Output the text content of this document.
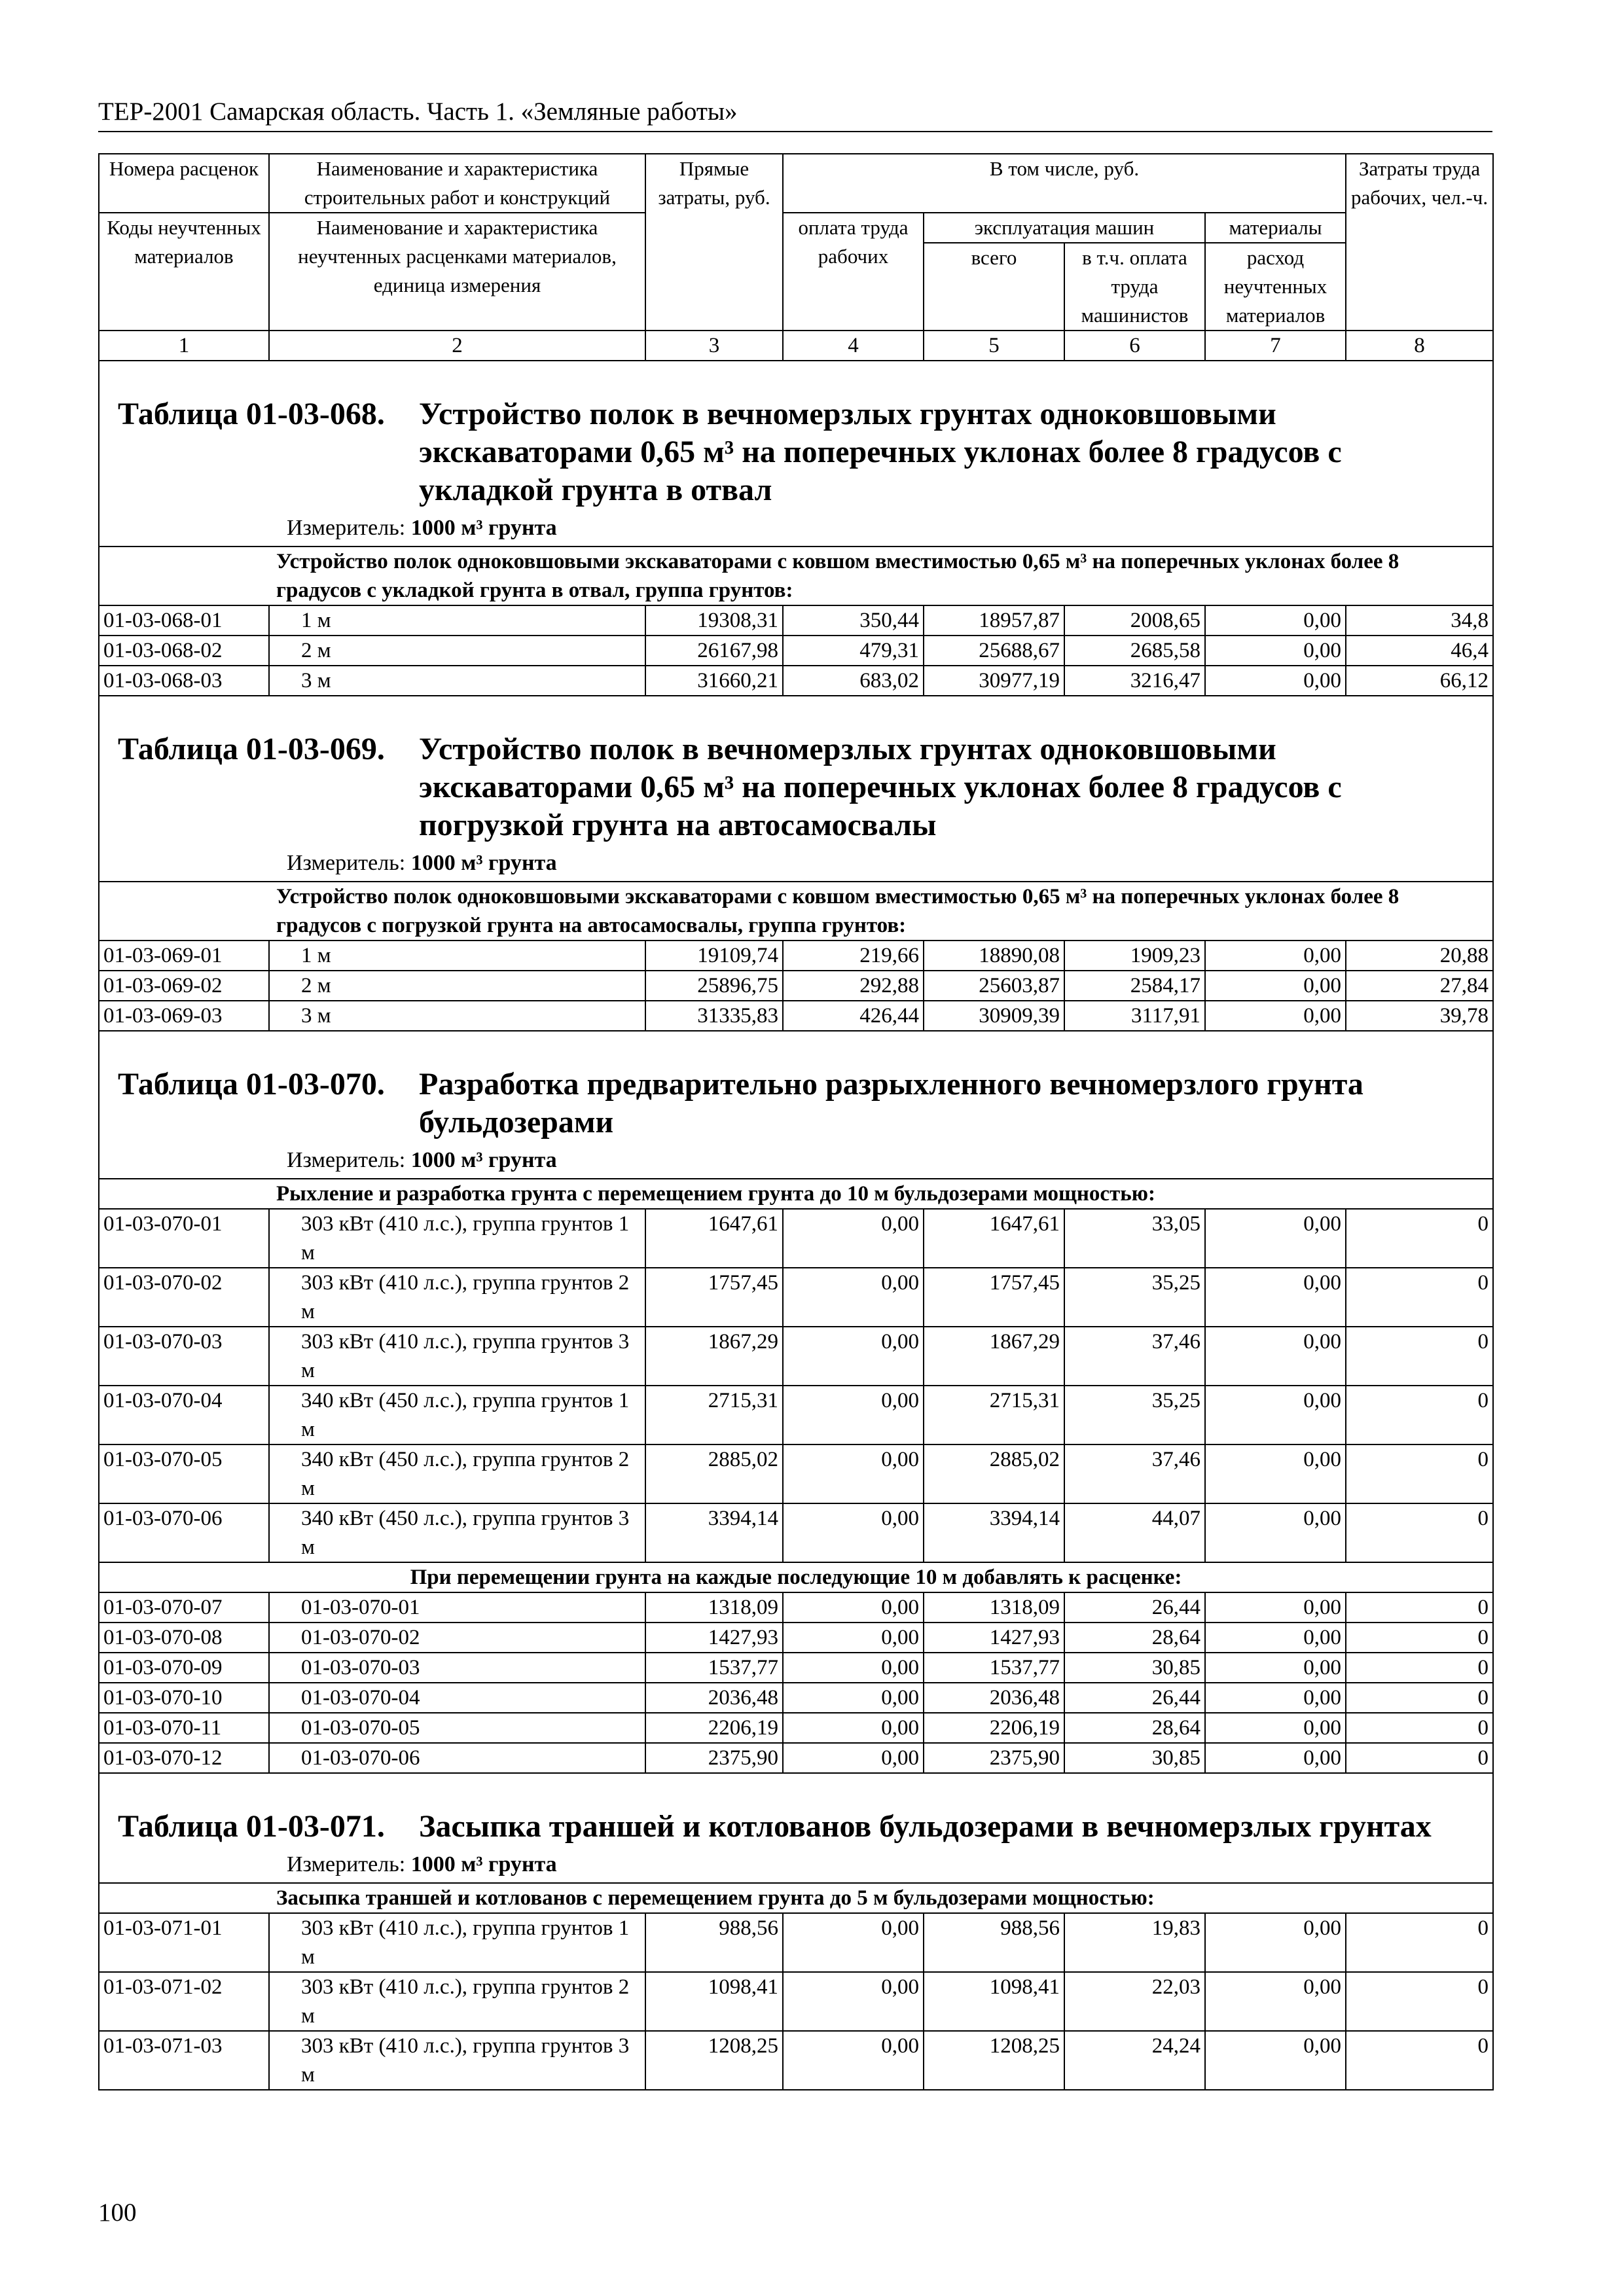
ТЕР-2001 Самарская область. Часть 1. «Земляные работы»
Номера расценок	Наименование и характеристика строительных работ и конструкций	Прямые затраты, руб.	В том числе, руб.				Затраты труда рабочих, чел.-ч.
Коды неучтенных материалов	Наименование и характеристика неучтенных расценками материалов, единица измерения		оплата труда рабочих	эксплуатация машин		материалы	
				всего	в т.ч. оплата труда машинистов	расход неучтенных материалов	
1	2	3	4	5	6	7	8

Таблица 01-03-068. Устройство полок в вечномерзлых грунтах одноковшовыми экскаваторами 0,65 м³ на поперечных уклонах более 8 градусов с укладкой грунта в отвал
Измеритель: 1000 м³ грунта							

Устройство полок одноковшовыми экскаваторами с ковшом вместимостью 0,65 м³ на поперечных уклонах более 8 градусов с укладкой грунта в отвал, группа грунтов:							
01-03-068-01	1 м	19308,31	350,44	18957,87	2008,65	0,00	34,8
01-03-068-02	2 м	26167,98	479,31	25688,67	2685,58	0,00	46,4
01-03-068-03	3 м	31660,21	683,02	30977,19	3216,47	0,00	66,12

Таблица 01-03-069. Устройство полок в вечномерзлых грунтах одноковшовыми экскаваторами 0,65 м³ на поперечных уклонах более 8 градусов с погрузкой грунта на автосамосвалы
Измеритель: 1000 м³ грунта							

Устройство полок одноковшовыми экскаваторами с ковшом вместимостью 0,65 м³ на поперечных уклонах более 8 градусов с погрузкой грунта на автосамосвалы, группа грунтов:							
01-03-069-01	1 м	19109,74	219,66	18890,08	1909,23	0,00	20,88
01-03-069-02	2 м	25896,75	292,88	25603,87	2584,17	0,00	27,84
01-03-069-03	3 м	31335,83	426,44	30909,39	3117,91	0,00	39,78

Таблица 01-03-070. Разработка предварительно разрыхленного вечномерзлого грунта бульдозерами
Измеритель: 1000 м³ грунта							

Рыхление и разработка грунта с перемещением грунта до 10 м бульдозерами мощностью:							
01-03-070-01	303 кВт (410 л.с.), группа грунтов 1 м	1647,61	0,00	1647,61	33,05	0,00	0
01-03-070-02	303 кВт (410 л.с.), группа грунтов 2 м	1757,45	0,00	1757,45	35,25	0,00	0
01-03-070-03	303 кВт (410 л.с.), группа грунтов 3 м	1867,29	0,00	1867,29	37,46	0,00	0
01-03-070-04	340 кВт (450 л.с.), группа грунтов 1 м	2715,31	0,00	2715,31	35,25	0,00	0
01-03-070-05	340 кВт (450 л.с.), группа грунтов 2 м	2885,02	0,00	2885,02	37,46	0,00	0
01-03-070-06	340 кВт (450 л.с.), группа грунтов 3 м	3394,14	0,00	3394,14	44,07	0,00	0
При перемещении грунта на каждые последующие 10 м добавлять к расценке:							
01-03-070-07	01-03-070-01	1318,09	0,00	1318,09	26,44	0,00	0
01-03-070-08	01-03-070-02	1427,93	0,00	1427,93	28,64	0,00	0
01-03-070-09	01-03-070-03	1537,77	0,00	1537,77	30,85	0,00	0
01-03-070-10	01-03-070-04	2036,48	0,00	2036,48	26,44	0,00	0
01-03-070-11	01-03-070-05	2206,19	0,00	2206,19	28,64	0,00	0
01-03-070-12	01-03-070-06	2375,90	0,00	2375,90	30,85	0,00	0

Таблица 01-03-071. Засыпка траншей и котлованов бульдозерами в вечномерзлых грунтах
Измеритель: 1000 м³ грунта							

Засыпка траншей и котлованов с перемещением грунта до 5 м бульдозерами мощностью:							
01-03-071-01	303 кВт (410 л.с.), группа грунтов 1 м	988,56	0,00	988,56	19,83	0,00	0
01-03-071-02	303 кВт (410 л.с.), группа грунтов 2 м	1098,41	0,00	1098,41	22,03	0,00	0
01-03-071-03	303 кВт (410 л.с.), группа грунтов 3 м	1208,25	0,00	1208,25	24,24	0,00	0
100
